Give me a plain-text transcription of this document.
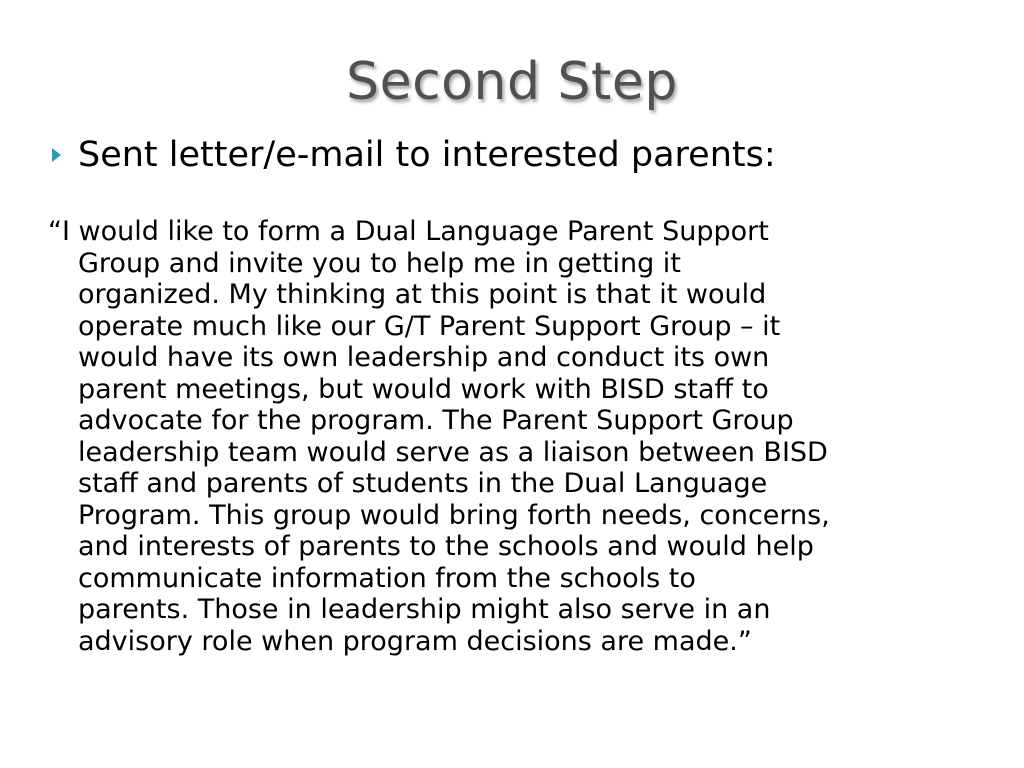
Second Step
Sent letter/e-mail to interested parents:
“I would like to form a Dual Language Parent Support
Group and invite you to help me in getting it
organized. My thinking at this point is that it would
operate much like our G/T Parent Support Group – it
would have its own leadership and conduct its own
parent meetings, but would work with BISD staff to
advocate for the program. The Parent Support Group
leadership team would serve as a liaison between BISD
staff and parents of students in the Dual Language
Program. This group would bring forth needs, concerns,
and interests of parents to the schools and would help
communicate information from the schools to
parents. Those in leadership might also serve in an
advisory role when program decisions are made.”
